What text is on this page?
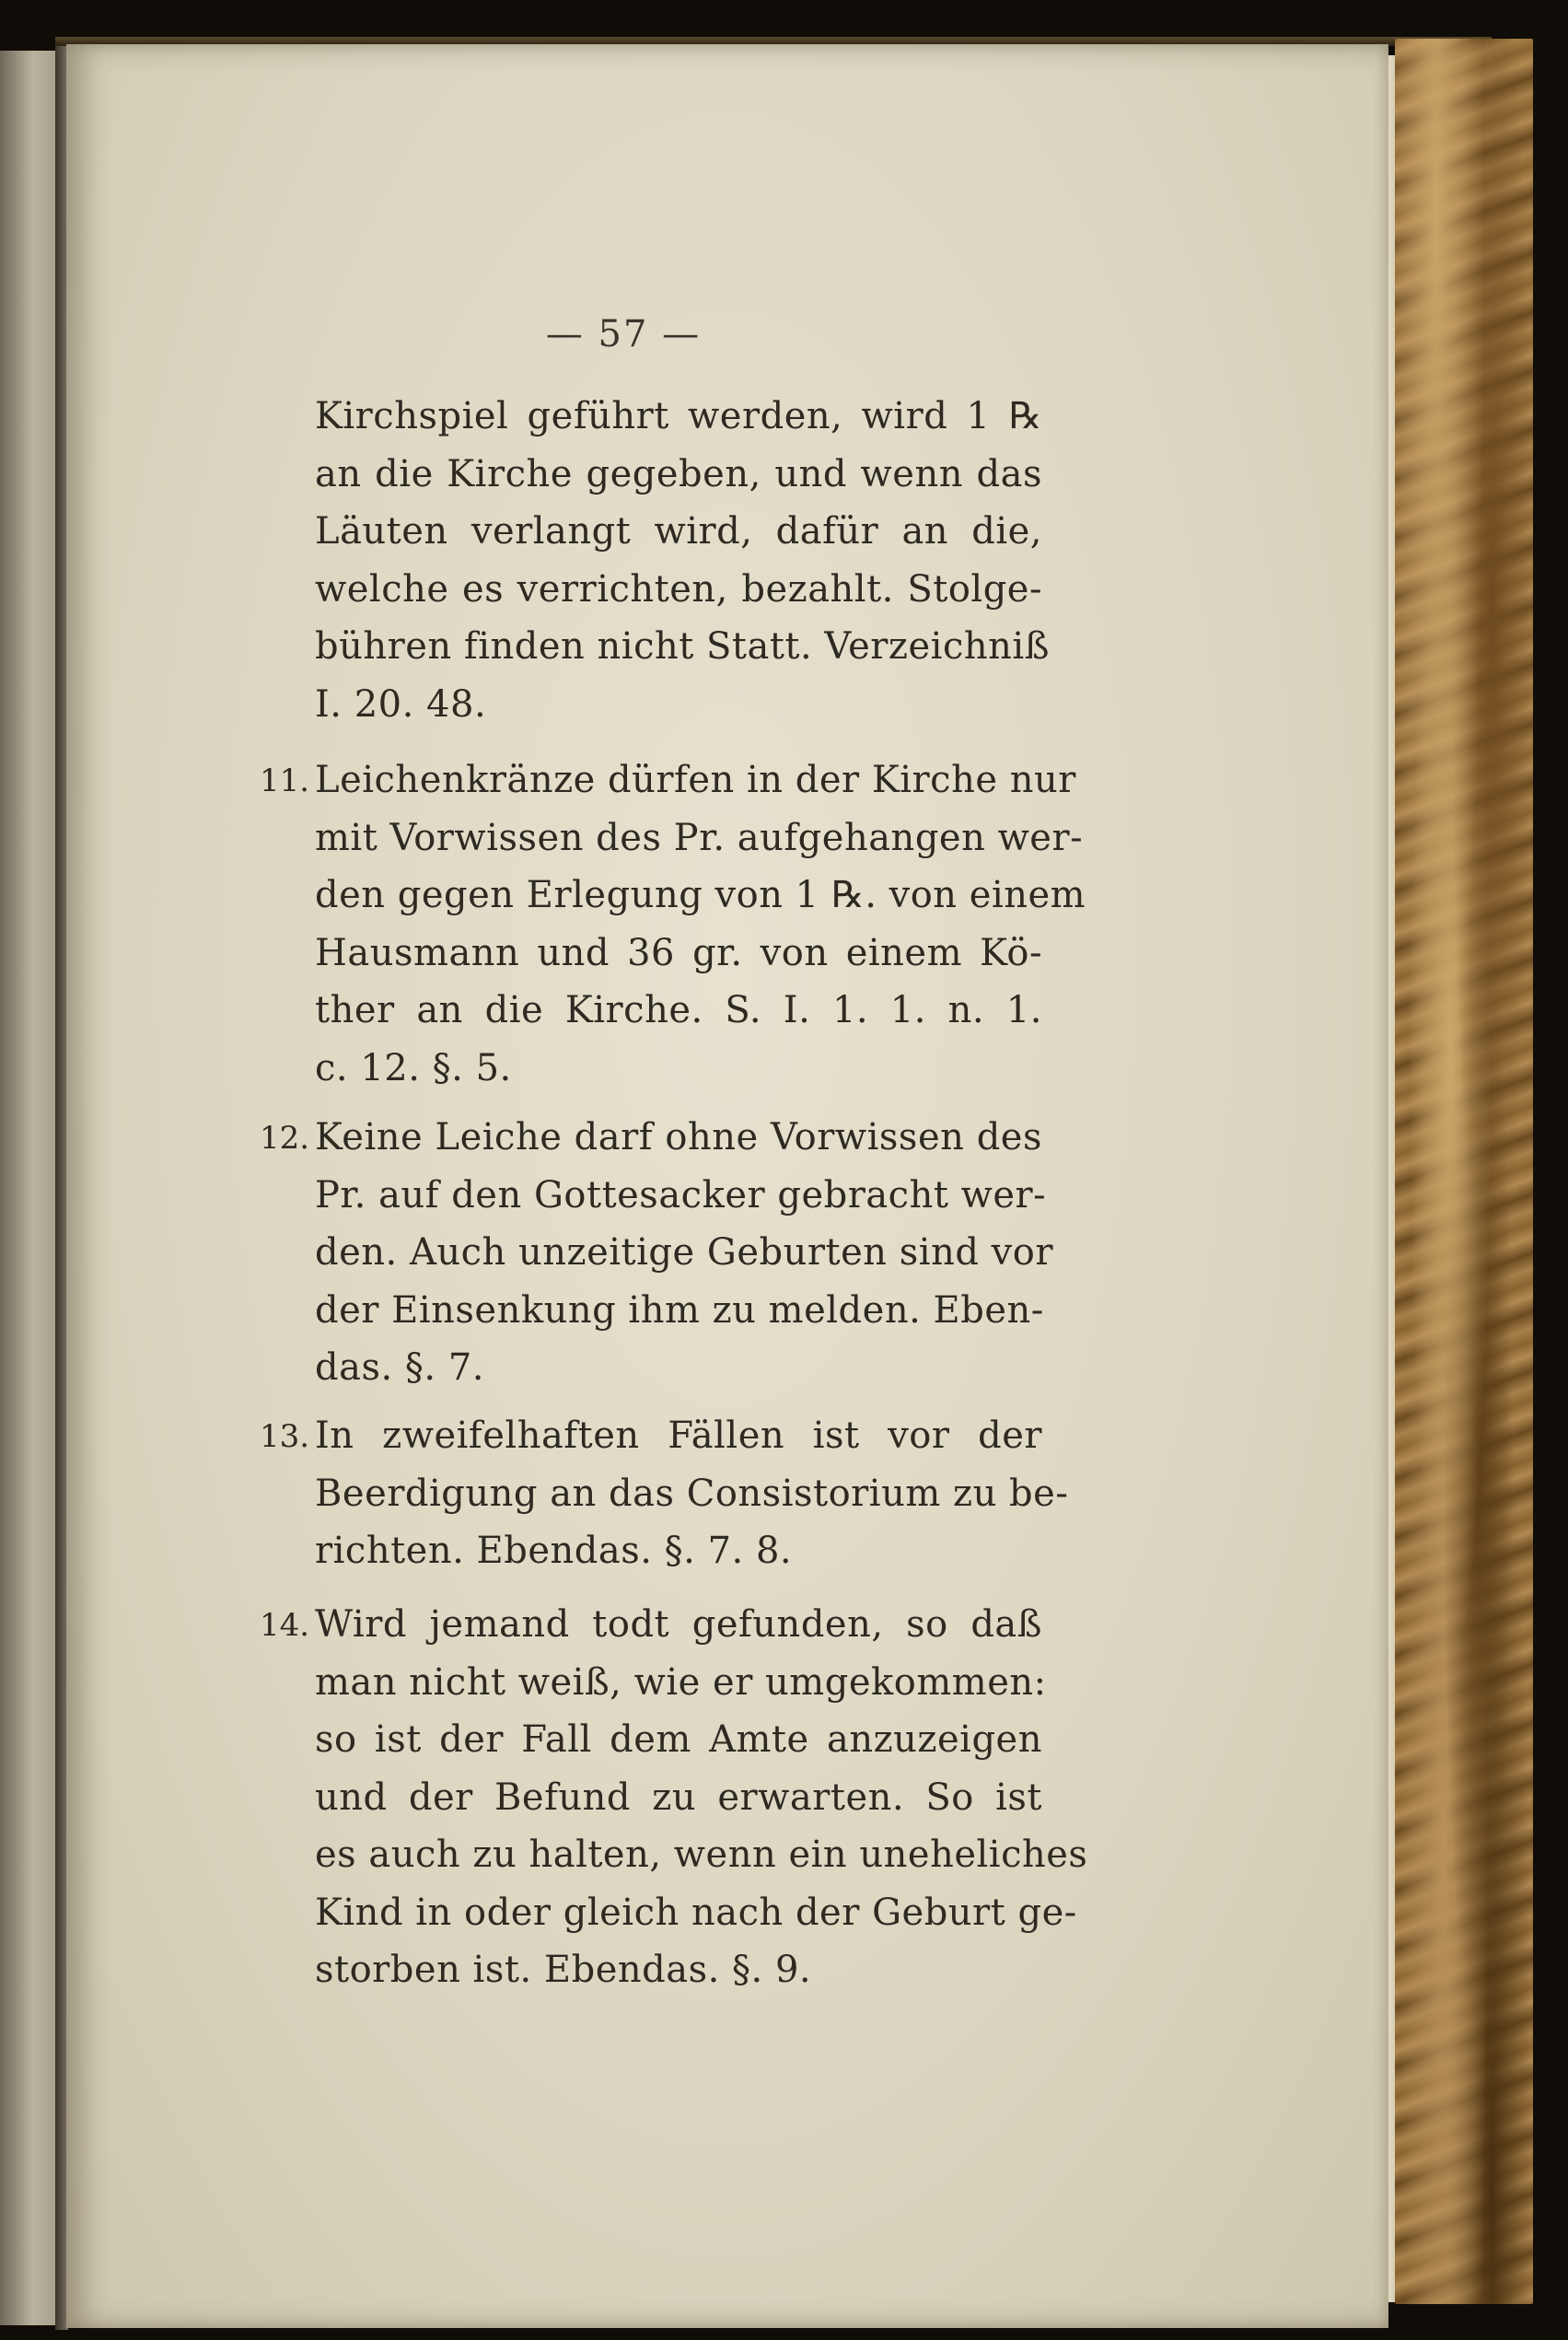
— 57 —
Kirchspiel geführt werden, wird 1 ℞
an die Kirche gegeben, und wenn das
Läuten verlangt wird, dafür an die,
welche es verrichten, bezahlt. Stolge-
bühren finden nicht Statt. Verzeichniß
I. 20. 48.
11. Leichenkränze dürfen in der Kirche nur
mit Vorwissen des Pr. aufgehangen wer-
den gegen Erlegung von 1 ℞. von einem
Hausmann und 36 gr. von einem Kö-
ther an die Kirche. S. I. 1. 1. n. 1.
c. 12. §. 5.
12. Keine Leiche darf ohne Vorwissen des
Pr. auf den Gottesacker gebracht wer-
den. Auch unzeitige Geburten sind vor
der Einsenkung ihm zu melden. Eben-
das. §. 7.
13. In zweifelhaften Fällen ist vor der
Beerdigung an das Consistorium zu be-
richten. Ebendas. §. 7. 8.
14. Wird jemand todt gefunden, so daß
man nicht weiß, wie er umgekommen:
so ist der Fall dem Amte anzuzeigen
und der Befund zu erwarten. So ist
es auch zu halten, wenn ein uneheliches
Kind in oder gleich nach der Geburt ge-
storben ist. Ebendas. §. 9.
